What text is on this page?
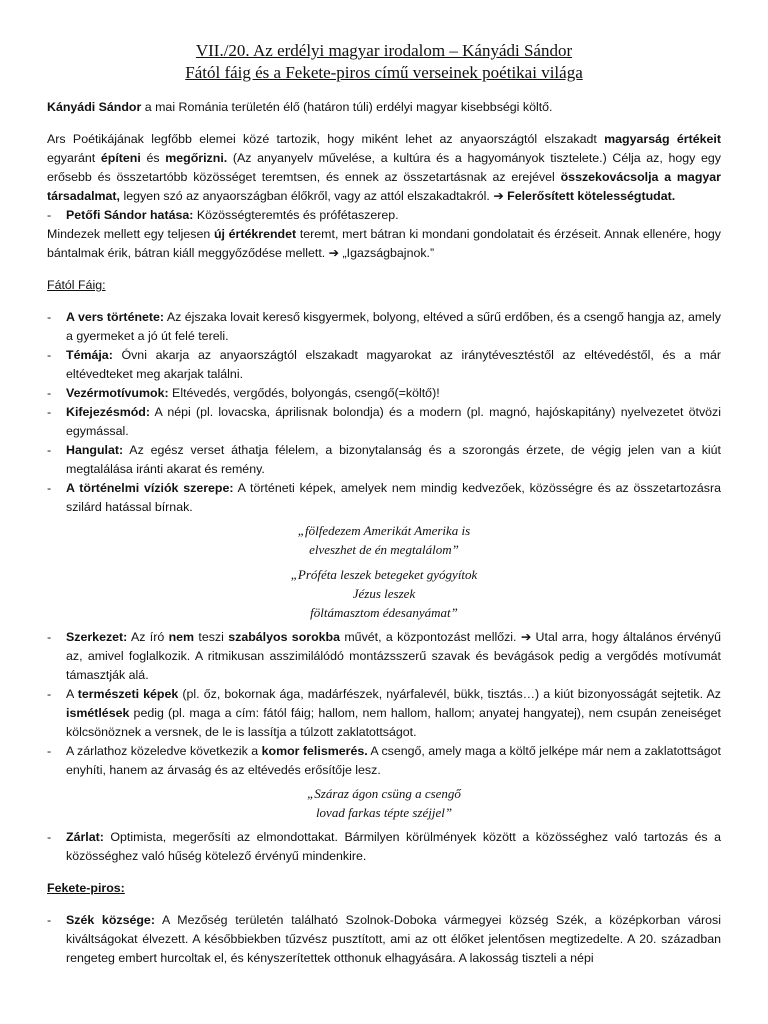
VII./20. Az erdélyi magyar irodalom – Kányádi Sándor

Fától fáig és a Fekete-piros című verseinek poétikai világa

Kányádi Sándor a mai Románia területén élő (határon túli) erdélyi magyar kisebbségi költő.

Ars Poétikájának legfőbb elemei közé tartozik, hogy miként lehet az anyaországtól elszakadt magyarság értékeit egyaránt építeni és megőrizni. (Az anyanyelv művelése, a kultúra és a hagyományok tisztelete.) Célja az, hogy egy erősebb és összetartóbb közösséget teremtsen, és ennek az összetartásnak az erejével összekovácsolja a magyar társadalmat, legyen szó az anyaországban élőkről, vagy az attól elszakadtakról. ➔ Felerősített kötelességtudat.

- Petőfi Sándor hatása: Közösségteremtés és prófétaszerep.

Mindezek mellett egy teljesen új értékrendet teremt, mert bátran ki mondani gondolatait és érzéseit. Annak ellenére, hogy bántalmak érik, bátran kiáll meggyőződése mellett. ➔ „Igazságbajnok.”

Fától Fáig:

- A vers története: Az éjszaka lovait kereső kisgyermek, bolyong, eltéved a sűrű erdőben, és a csengő hangja az, amely a gyermeket a jó út felé tereli.
- Témája: Óvni akarja az anyaországtól elszakadt magyarokat az iránytévesztéstől az eltévedéstől, és a már eltévedteket meg akarjak találni.
- Vezérmotívumok: Eltévedés, vergődés, bolyongás, csengő(=költő)!
- Kifejezésmód: A népi (pl. lovacska, áprilisnak bolondja) és a modern (pl. magnó, hajóskapitány) nyelvezetet ötvözi egymással.
- Hangulat: Az egész verset áthatja félelem, a bizonytalanság és a szorongás érzete, de végig jelen van a kiút megtalálása iránti akarat és remény.
- A történelmi víziók szerepe: A történeti képek, amelyek nem mindig kedvezőek, közösségre és az összetartozásra szilárd hatással bírnak.
„fölfedezem Amerikát Amerika is
elveszhet de én megtalálom”
„Próféta leszek betegeket gyógyítok
Jézus leszek
föltámasztom édesanyámat”
- Szerkezet: Az író nem teszi szabályos sorokba művét, a központozást mellőzi. ➔ Utal arra, hogy általános érvényű az, amivel foglalkozik. A ritmikusan asszimilálódó montázsszerű szavak és bevágások pedig a vergődés motívumát támasztják alá.
- A természeti képek (pl. őz, bokornak ága, madárfészek, nyárfalevél, bükk, tisztás…) a kiút bizonyosságát sejtetik. Az ismétlések pedig (pl. maga a cím: fától fáig; hallom, nem hallom, hallom; anyatej hangyatej), nem csupán zeneiséget kölcsönöznek a versnek, de le is lassítja a túlzott zaklatottságot.
- A zárlathoz közeledve következik a komor felismerés. A csengő, amely maga a költő jelképe már nem a zaklatottságot enyhíti, hanem az árvaság és az eltévedés erősítője lesz.
„Száraz ágon csüng a csengő
lovad farkas tépte széjjel”
- Zárlat: Optimista, megerősíti az elmondottakat. Bármilyen körülmények között a közösséghez való tartozás és a közösséghez való hűség kötelező érvényű mindenkire.

Fekete-piros:

- Szék községe: A Mezőség területén található Szolnok-Doboka vármegyei község Szék, a középkorban városi kiváltságokat élvezett. A későbbiekben tűzvész pusztított, ami az ott élőket jelentősen megtizedelte. A 20. században rengeteg embert hurcoltak el, és kényszerítettek otthonuk elhagyására. A lakosság tiszteli a népi
